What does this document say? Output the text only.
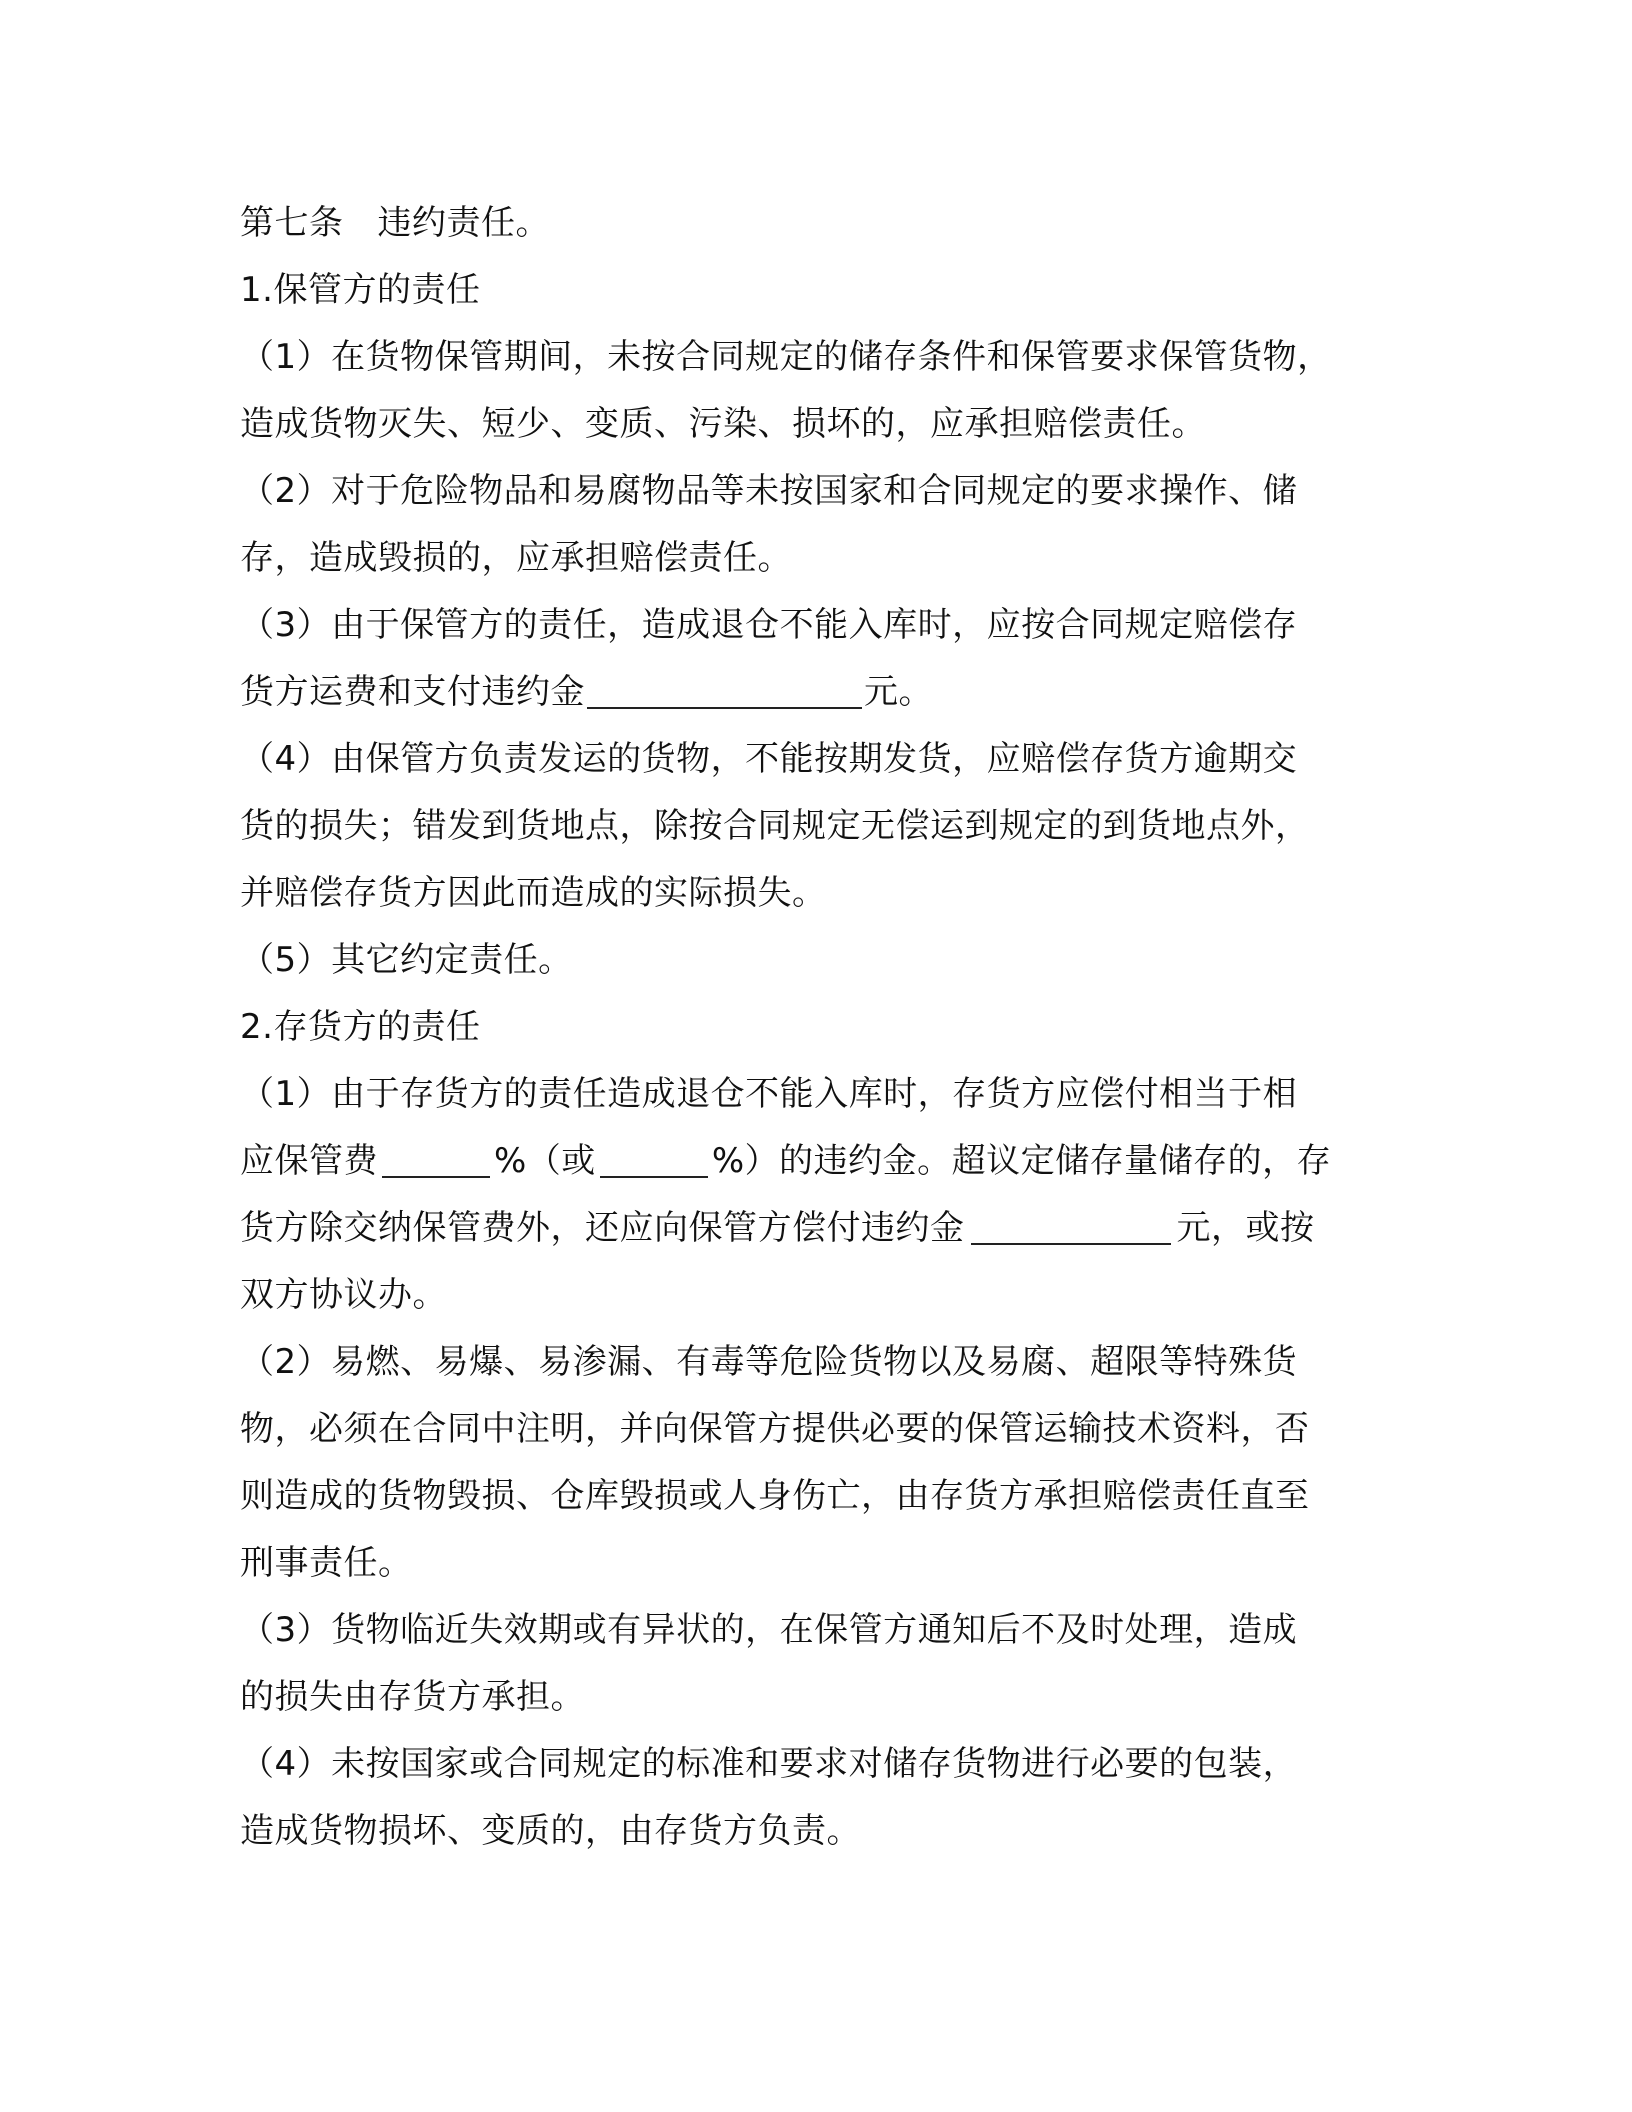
第七条 违约责任。
1.保管方的责任
（1）在货物保管期间，未按合同规定的储存条件和保管要求保管货物，
造成货物灭失、短少、变质、污染、损坏的，应承担赔偿责任。
（2）对于危险物品和易腐物品等未按国家和合同规定的要求操作、储
存，造成毁损的，应承担赔偿责任。
（3）由于保管方的责任，造成退仓不能入库时，应按合同规定赔偿存
货方运费和支付违约金	元。
（4）由保管方负责发运的货物，不能按期发货，应赔偿存货方逾期交
货的损失；错发到货地点，除按合同规定无偿运到规定的到货地点外，
并赔偿存货方因此而造成的实际损失。
（5）其它约定责任。
2.存货方的责任
（1）由于存货方的责任造成退仓不能入库时，存货方应偿付相当于相
应保管费	%（或	%）的违约金。超议定储存量储存的，存
货方除交纳保管费外，还应向保管方偿付违约金	元，或按
双方协议办。
（2）易燃、易爆、易渗漏、有毒等危险货物以及易腐、超限等特殊货
物，必须在合同中注明，并向保管方提供必要的保管运输技术资料，否
则造成的货物毁损、仓库毁损或人身伤亡，由存货方承担赔偿责任直至
刑事责任。
（3）货物临近失效期或有异状的，在保管方通知后不及时处理，造成
的损失由存货方承担。
（4）未按国家或合同规定的标准和要求对储存货物进行必要的包装，
造成货物损坏、变质的，由存货方负责。
